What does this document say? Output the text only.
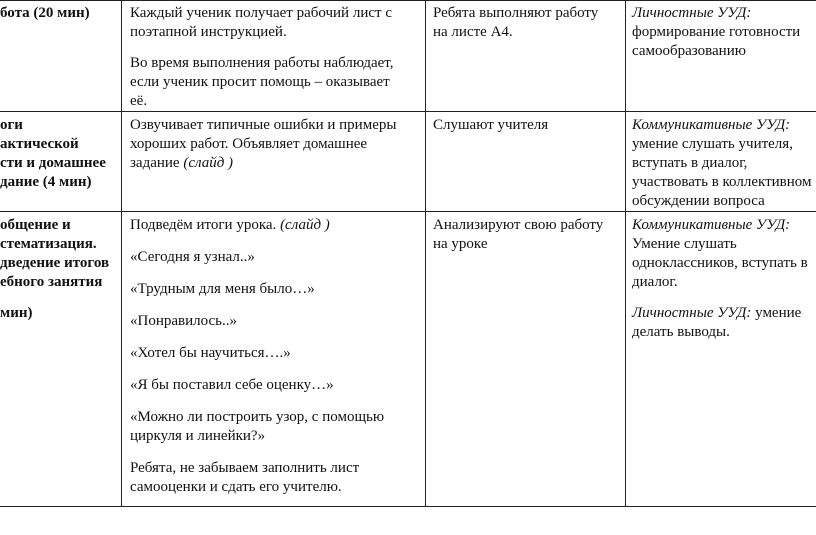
бота (20 мин)	Каждый ученик получает рабочий лист с

поэтапной инструкцией.

Во время выполнения работы наблюдает,

если ученик просит помощь – оказывает

её.

Ребята выполняют работу

на листе А4.

Личностные УУД:

формирование готовности

самообразованию

оги

актической

сти и домашнее

дание (4 мин)

Озвучивает типичные ошибки и примеры

хороших работ. Объявляет домашнее

задание (слайд )

Слушают учителя	Коммуникативные УУД:

умение слушать учителя,

вступать в диалог,

участвовать в коллективном

обсуждении вопроса

общение и

стематизация.

дведение итогов

ебного занятия

мин)

Подведём итоги урока. (слайд )

«Сегодня я узнал..»

«Трудным для меня было…»

«Понравилось..»

«Хотел бы научиться….»

«Я бы поставил себе оценку…»

«Можно ли построить узор, с помощью

циркуля и линейки?»

Ребята, не забываем заполнить лист

самооценки и сдать его учителю.

Анализируют свою работу

на уроке

Коммуникативные УУД:

Умение слушать

одноклассников, вступать в

диалог.

Личностные УУД: умение

делать выводы.
